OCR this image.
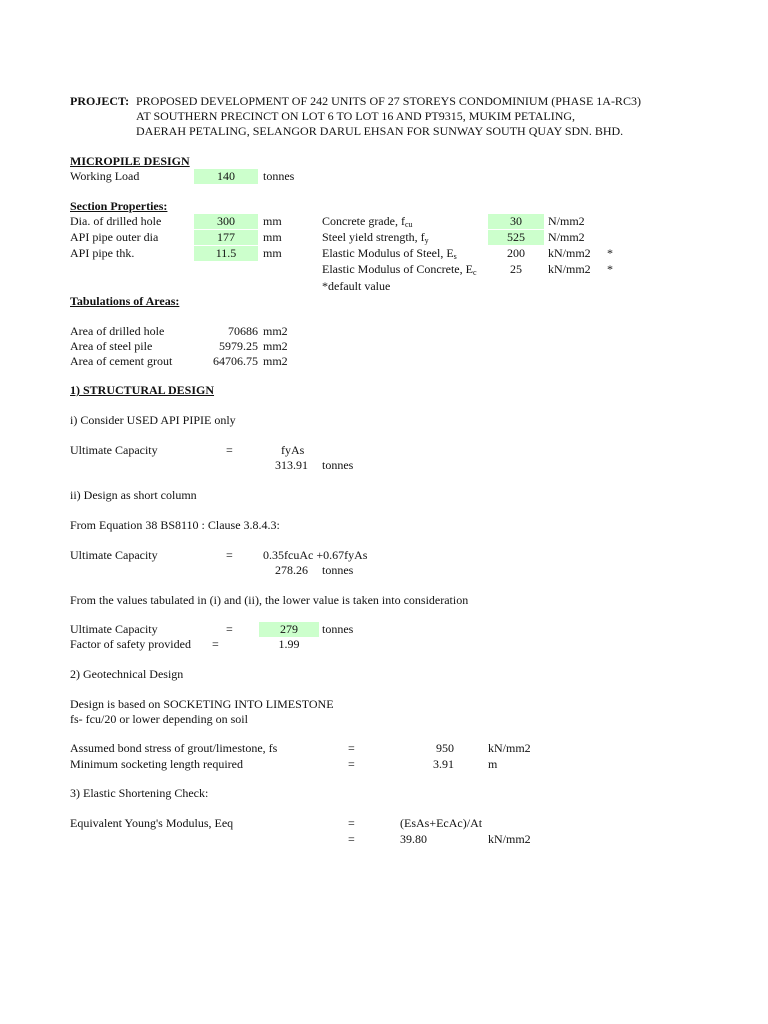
PROJECT: PROPOSED DEVELOPMENT OF 242 UNITS OF 27 STOREYS CONDOMINIUM (PHASE 1A-RC3)
AT SOUTHERN PRECINCT ON LOT 6 TO LOT 16 AND PT9315, MUKIM PETALING,
DAERAH PETALING, SELANGOR DARUL EHSAN FOR SUNWAY SOUTH QUAY SDN. BHD.
MICROPILE DESIGN
Working Load	140	tonnes
Section Properties:
Dia. of drilled hole	300	mm
API pipe outer dia	177	mm
API pipe thk.	11.5	mm
Concrete grade, $f_{cu}$	30	N/mm2
Steel yield strength, $f_y$	525	N/mm2
Elastic Modulus of Steel, $E_s$	200	kN/mm2 *
Elastic Modulus of Concrete, $E_c$	25	kN/mm2 *
*default value
Tabulations of Areas:
Area of drilled hole	70686 mm2
Area of steel pile	5979.25 mm2
Area of cement grout	64706.75 mm2
1) STRUCTURAL DESIGN
i) Consider USED API PIPIE only
Ultimate Capacity	=	fyAs
313.91 tonnes
ii) Design as short column
From Equation 38 BS8110 : Clause 3.8.4.3:
Ultimate Capacity	=	0.35fcuAc +0.67fyAs
278.26 tonnes
From the values tabulated in (i) and (ii), the lower value is taken into consideration
Ultimate Capacity	=	279	tonnes
Factor of safety provided =	1.99
2) Geotechnical Design
Design is based on SOCKETING INTO LIMESTONE
fs- fcu/20 or lower depending on soil
Assumed bond stress of grout/limestone, fs	=	950	kN/mm2
Minimum socketing length required	=	3.91	m
3) Elastic Shortening Check:
Equivalent Young's Modulus, Eeq	=	(EsAs+EcAc)/At
=	39.80	kN/mm2
